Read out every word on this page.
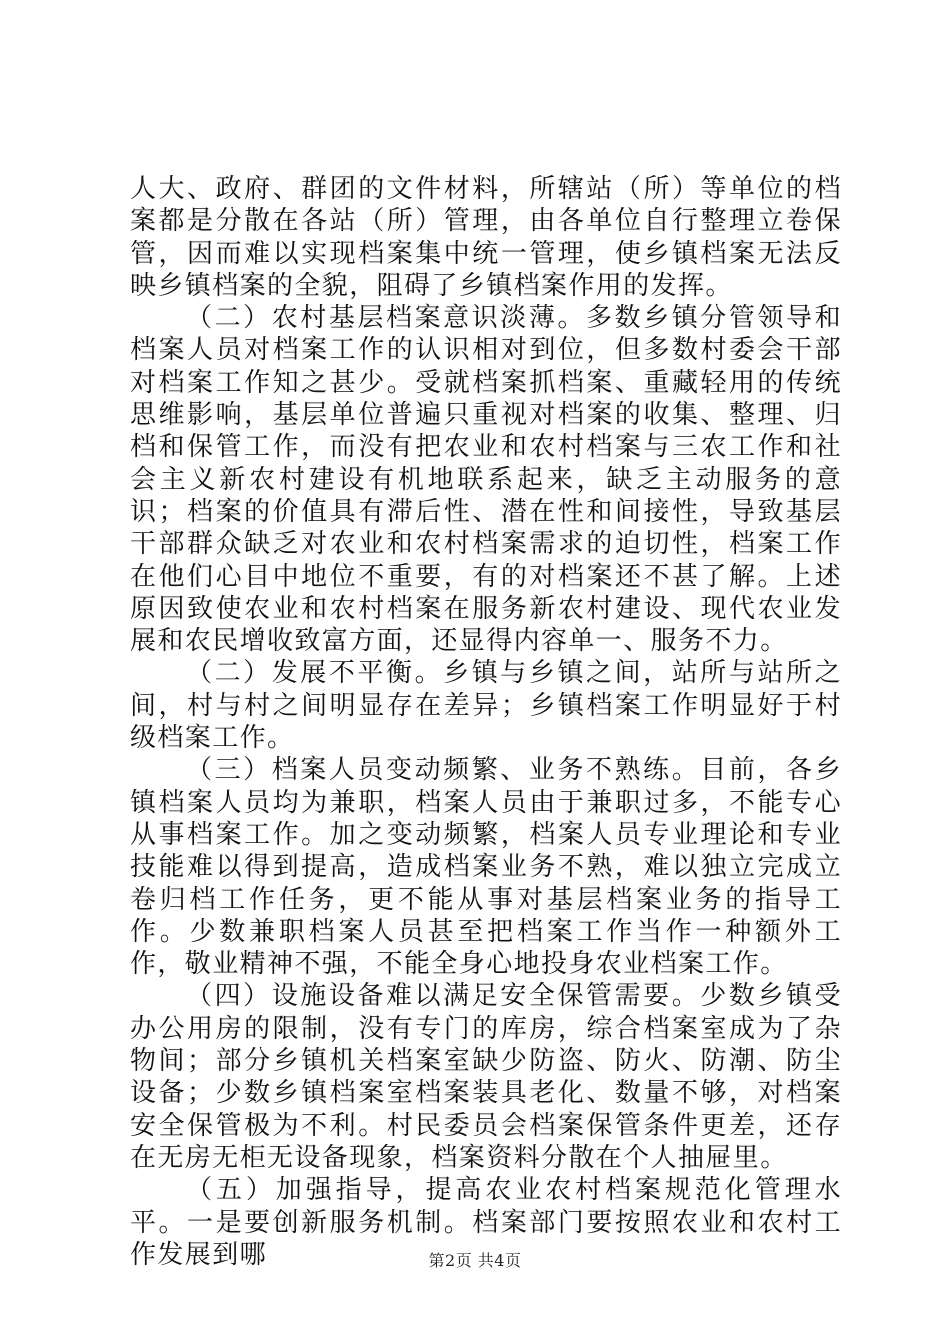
人大、政府、群团的文件材料，所辖站（所）等单位的档案都是分散在各站（所）管理，由各单位自行整理立卷保管，因而难以实现档案集中统一管理，使乡镇档案无法反映乡镇档案的全貌，阻碍了乡镇档案作用的发挥。

（二）农村基层档案意识淡薄。多数乡镇分管领导和档案人员对档案工作的认识相对到位，但多数村委会干部对档案工作知之甚少。受就档案抓档案、重藏轻用的传统思维影响，基层单位普遍只重视对档案的收集、整理、归档和保管工作，而没有把农业和农村档案与三农工作和社会主义新农村建设有机地联系起来，缺乏主动服务的意识；档案的价值具有滞后性、潜在性和间接性，导致基层干部群众缺乏对农业和农村档案需求的迫切性，档案工作在他们心目中地位不重要，有的对档案还不甚了解。上述原因致使农业和农村档案在服务新农村建设、现代农业发展和农民增收致富方面，还显得内容单一、服务不力。

（二）发展不平衡。乡镇与乡镇之间，站所与站所之间，村与村之间明显存在差异；乡镇档案工作明显好于村级档案工作。

（三）档案人员变动频繁、业务不熟练。目前，各乡镇档案人员均为兼职，档案人员由于兼职过多，不能专心从事档案工作。加之变动频繁，档案人员专业理论和专业技能难以得到提高，造成档案业务不熟，难以独立完成立卷归档工作任务，更不能从事对基层档案业务的指导工作。少数兼职档案人员甚至把档案工作当作一种额外工作，敬业精神不强，不能全身心地投身农业档案工作。

（四）设施设备难以满足安全保管需要。少数乡镇受办公用房的限制，没有专门的库房，综合档案室成为了杂物间；部分乡镇机关档案室缺少防盗、防火、防潮、防尘设备；少数乡镇档案室档案装具老化、数量不够，对档案安全保管极为不利。村民委员会档案保管条件更差，还存在无房无柜无设备现象，档案资料分散在个人抽屉里。

（五）加强指导，提高农业农村档案规范化管理水平。一是要创新服务机制。档案部门要按照农业和农村工作发展到哪	第2页 共4页
